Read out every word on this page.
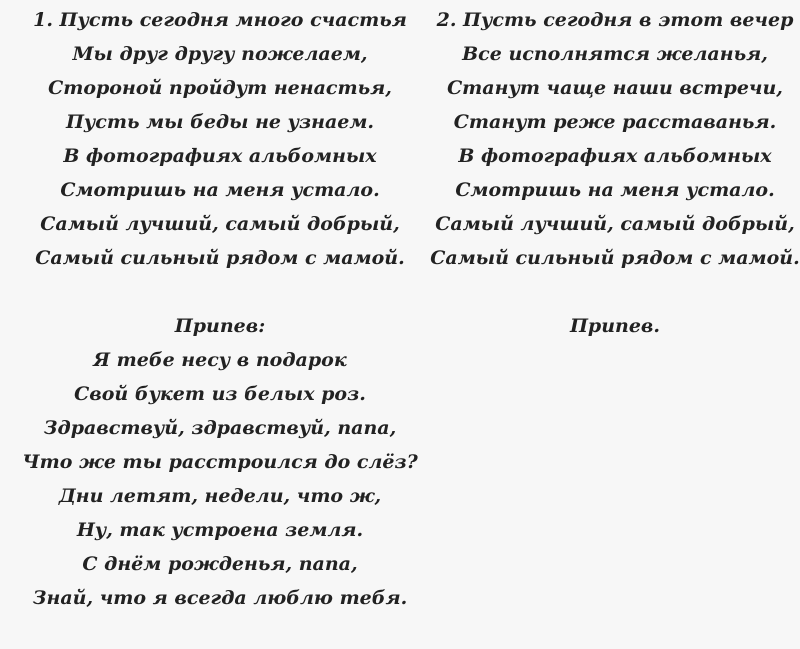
1. Пусть сегодня много счастья
Мы друг другу пожелаем,
Стороной пройдут ненастья,
Пусть мы беды не узнаем.
В фотографиях альбомных
Смотришь на меня устало.
Самый лучший, самый добрый,
Самый сильный рядом с мамой.
Припев:
Я тебе несу в подарок
Свой букет из белых роз.
Здравствуй, здравствуй, папа,
Что же ты расстроился до слёз?
Дни летят, недели, что ж,
Ну, так устроена земля.
С днём рожденья, папа,
Знай, что я всегда люблю тебя.
2. Пусть сегодня в этот вечер
Все исполнятся желанья,
Станут чаще наши встречи,
Станут реже расставанья.
В фотографиях альбомных
Смотришь на меня устало.
Самый лучший, самый добрый,
Самый сильный рядом с мамой.
Припев.
